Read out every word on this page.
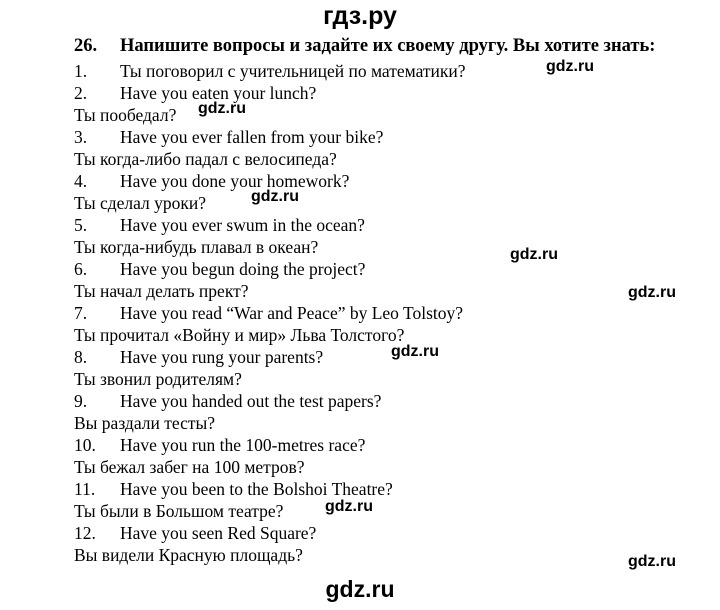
гдз.ру
26. Напишите вопросы и задайте их своему другу. Вы хотите знать:
1. Ты поговорил с учительницей по математики?
2. Have you eaten your lunch?
Ты пообедал?
3. Have you ever fallen from your bike?
Ты когда-либо падал с велосипеда?
4. Have you done your homework?
Ты сделал уроки?
5. Have you ever swum in the ocean?
Ты когда-нибудь плавал в океан?
6. Have you begun doing the project?
Ты начал делать прект?
7. Have you read “War and Peace” by Leo Tolstoy?
Ты прочитал «Войну и мир» Льва Толстого?
8. Have you rung your parents?
Ты звонил родителям?
9. Have you handed out the test papers?
Вы раздали тесты?
10. Have you run the 100-metres race?
Ты бежал забег на 100 метров?
11. Have you been to the Bolshoi Theatre?
Ты были в Большом театре?
12. Have you seen Red Square?
Вы видели Красную площадь?
gdz.ru
gdz.ru
gdz.ru
gdz.ru
gdz.ru
gdz.ru
gdz.ru
gdz.ru
gdz.ru
